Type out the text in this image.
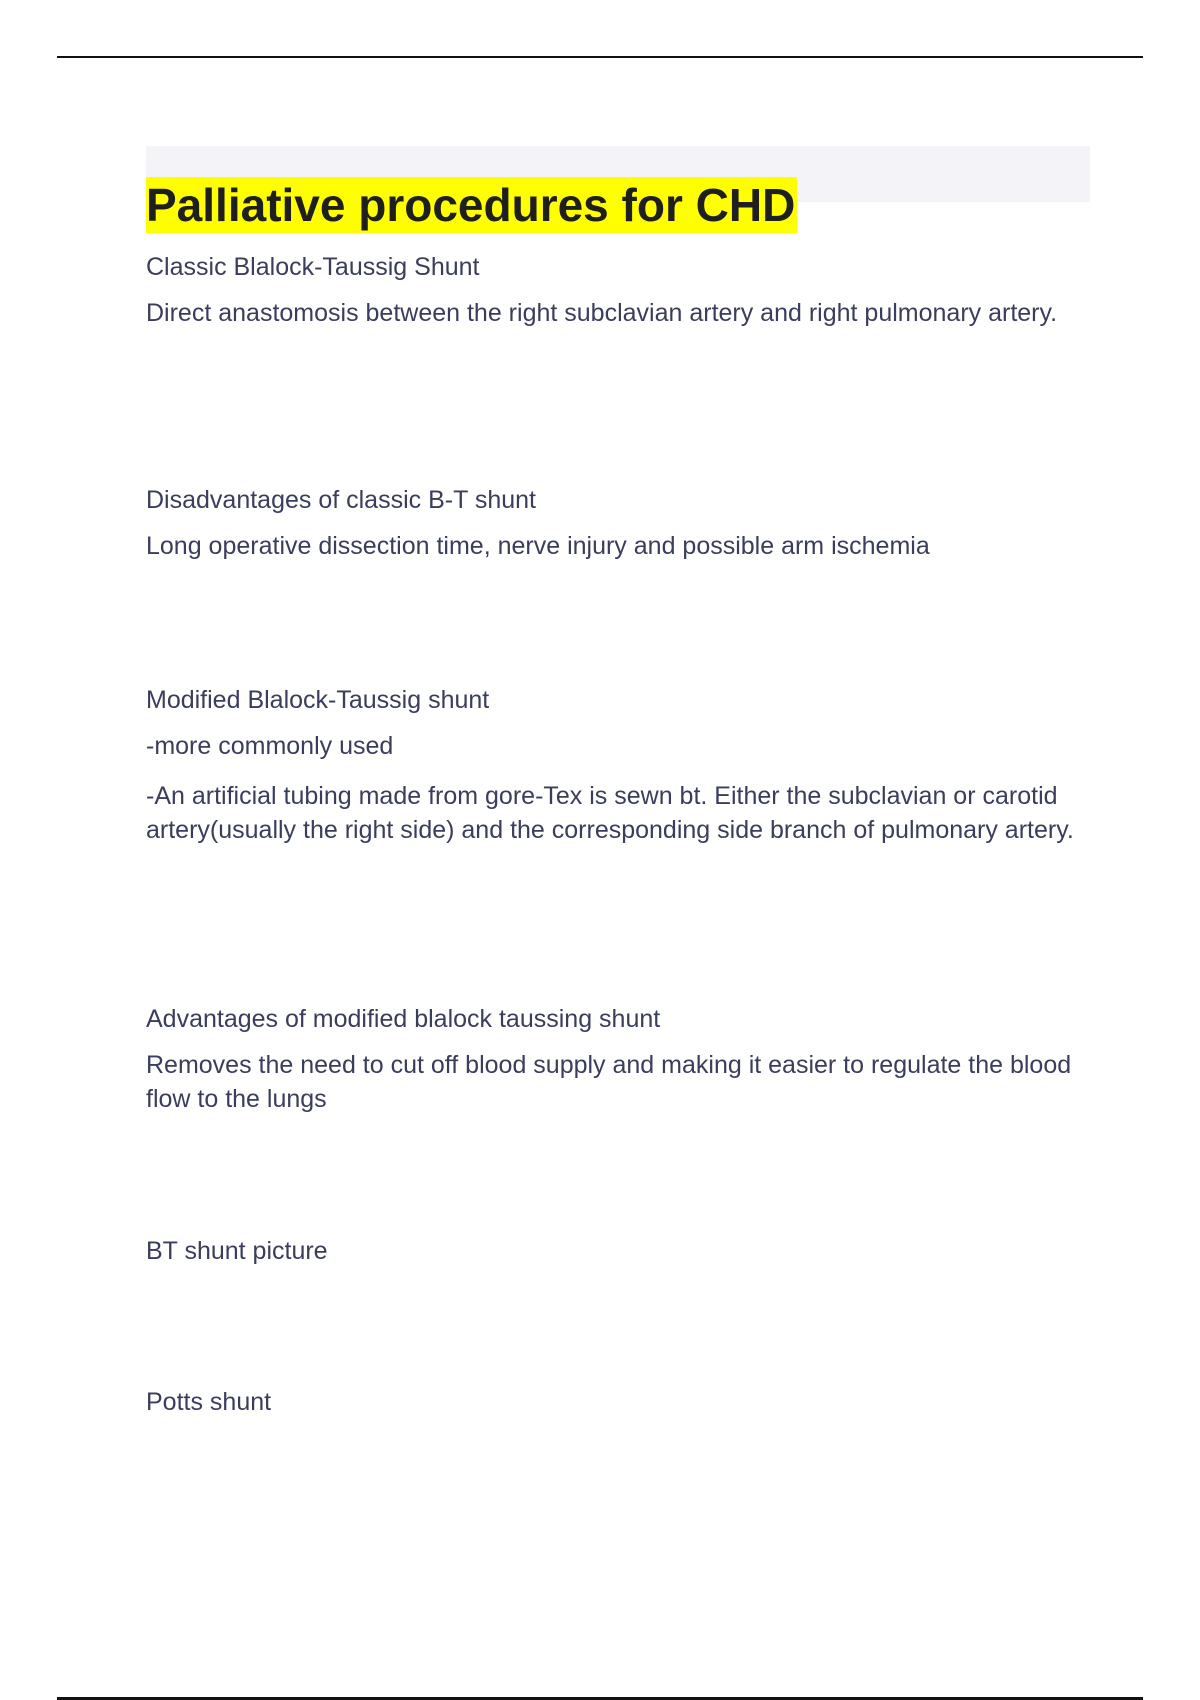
Palliative procedures for CHD

Classic Blalock-Taussig Shunt

Direct anastomosis between the right subclavian artery and right pulmonary artery.

Disadvantages of classic B-T shunt

Long operative dissection time, nerve injury and possible arm ischemia

Modified Blalock-Taussig shunt

-more commonly used

-An artificial tubing made from gore-Tex is sewn bt. Either the subclavian or carotid artery(usually the right side) and the corresponding side branch of pulmonary artery.

Advantages of modified blalock taussing shunt

Removes the need to cut off blood supply and making it easier to regulate the blood flow to the lungs

BT shunt picture

Potts shunt
